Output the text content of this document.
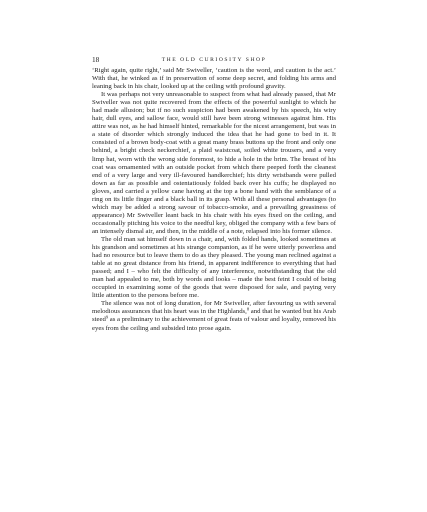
18	THE OLD CURIOSITY SHOP

‘Right again, quite right,’ said Mr Swiveller, ‘caution is the word, and caution is the act.’ With that, he winked as if in preservation of some deep secret, and folding his arms and leaning back in his chair, looked up at the ceiling with profound gravity.

It was perhaps not very unreasonable to suspect from what had already passed, that Mr Swiveller was not quite recovered from the effects of the powerful sunlight to which he had made allusion; but if no such suspicion had been awakened by his speech, his wiry hair, dull eyes, and sallow face, would still have been strong witnesses against him. His attire was not, as he had himself hinted, remarkable for the nicest arrangement, but was in a state of disorder which strongly induced the idea that he had gone to bed in it. It consisted of a brown body-coat with a great many brass buttons up the front and only one behind, a bright check neckerchief, a plaid waistcoat, soiled white trousers, and a very limp hat, worn with the wrong side foremost, to hide a hole in the brim. The breast of his coat was ornamented with an outside pocket from which there peeped forth the cleanest end of a very large and very ill-favoured handkerchief; his dirty wristbands were pulled down as far as possible and ostentatiously folded back over his cuffs; he displayed no gloves, and carried a yellow cane having at the top a bone hand with the semblance of a ring on its little finger and a black ball in its grasp. With all these personal advantages (to which may be added a strong savour of tobacco-smoke, and a prevailing greasiness of appearance) Mr Swiveller leant back in his chair with his eyes fixed on the ceiling, and occasionally pitching his voice to the needful key, obliged the company with a few bars of an intensely dismal air, and then, in the middle of a note, relapsed into his former silence.

The old man sat himself down in a chair, and, with folded hands, looked sometimes at his grandson and sometimes at his strange companion, as if he were utterly powerless and had no resource but to leave them to do as they pleased. The young man reclined against a table at no great distance from his friend, in apparent indifference to everything that had passed; and I – who felt the difficulty of any interference, notwithstanding that the old man had appealed to me, both by words and looks – made the best feint I could of being occupied in examining some of the goods that were disposed for sale, and paying very little attention to the persons before me.

The silence was not of long duration, for Mr Swiveller, after favouring us with several melodious assurances that his heart was in the Highlands,$^8$ and that he wanted but his Arab steed$^9$ as a preliminary to the achievement of great feats of valour and loyalty, removed his eyes from the ceiling and subsided into prose again.
